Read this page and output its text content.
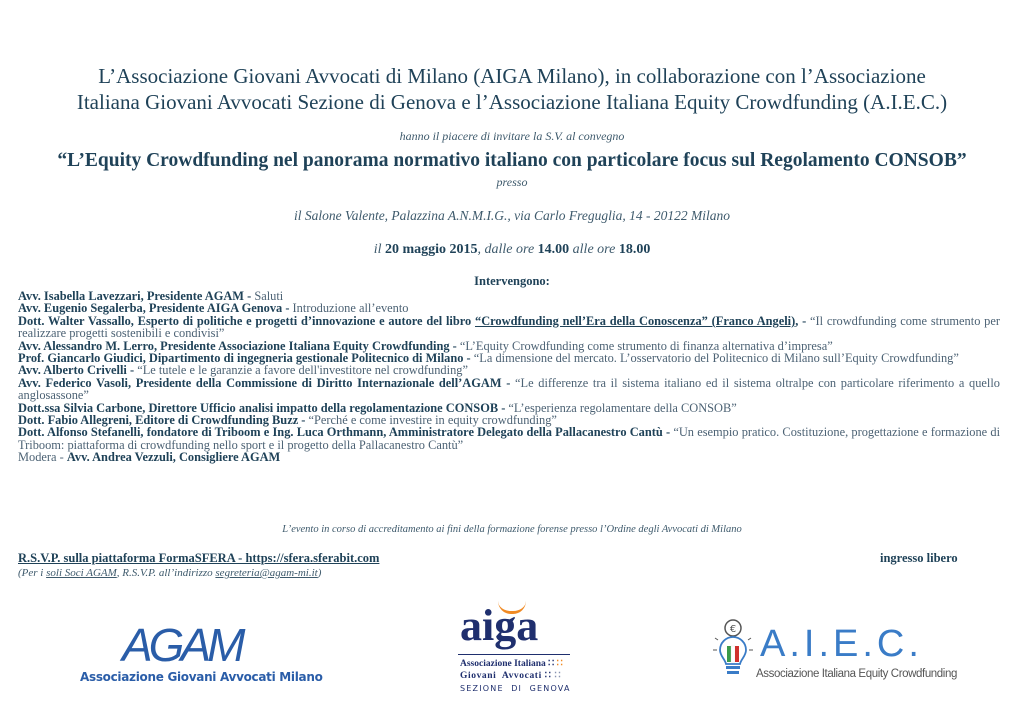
L’Associazione Giovani Avvocati di Milano (AIGA Milano), in collaborazione con l’Associazione
Italiana Giovani Avvocati Sezione di Genova e l’Associazione Italiana Equity Crowdfunding (A.I.E.C.)
hanno il piacere di invitare la S.V. al convegno
“L’Equity Crowdfunding nel panorama normativo italiano con particolare focus sul Regolamento CONSOB”
presso
il Salone Valente, Palazzina A.N.M.I.G., via Carlo Freguglia, 14 - 20122 Milano
il 20 maggio 2015, dalle ore 14.00 alle ore 18.00
Intervengono:

Avv. Isabella Lavezzari, Presidente AGAM - Saluti

Avv. Eugenio Segalerba, Presidente AIGA Genova - Introduzione all’evento

Dott. Walter Vassallo, Esperto di politiche e progetti d’innovazione e autore del libro “Crowdfunding nell’Era della Conoscenza” (Franco Angeli), - “Il crowdfunding come strumento per realizzare progetti sostenibili e condivisi”

Avv. Alessandro M. Lerro, Presidente Associazione Italiana Equity Crowdfunding - “L’Equity Crowdfunding come strumento di finanza alternativa d’impresa”

Prof. Giancarlo Giudici, Dipartimento di ingegneria gestionale Politecnico di Milano - “La dimensione del mercato. L’osservatorio del Politecnico di Milano sull’Equity Crowdfunding”

Avv. Alberto Crivelli - “Le tutele e le garanzie a favore dell'investitore nel crowdfunding”

Avv. Federico Vasoli, Presidente della Commissione di Diritto Internazionale dell’AGAM - “Le differenze tra il sistema italiano ed il sistema oltralpe con particolare riferimento a quello anglosassone”

Dott.ssa Silvia Carbone, Direttore Ufficio analisi impatto della regolamentazione CONSOB - “L’esperienza regolamentare della CONSOB”

Dott. Fabio Allegreni, Editore di Crowdfunding Buzz - “Perché e come investire in equity crowdfunding”

Dott. Alfonso Stefanelli, fondatore di Triboom e Ing. Luca Orthmann, Amministratore Delegato della Pallacanestro Cantù - “Un esempio pratico. Costituzione, progettazione e formazione di Triboom: piattaforma di crowdfunding nello sport e il progetto della Pallacanestro Cantù”

Modera - Avv. Andrea Vezzuli, Consigliere AGAM

L’evento in corso di accreditamento ai fini della formazione forense presso l’Ordine degli Avvocati di Milano
R.S.V.P. sulla piattaforma FormaSFERA - https://sfera.sferabit.com	ingresso libero
(Per i soli Soci AGAM, R.S.V.P. all’indirizzo segreteria@agam-mi.it)
AGAM
Associazione Giovani Avvocati Milano
aiga
Associazione Italiana ∷ ∷
Giovani  Avvocati ∷ ∷
SEZIONE  DI  GENOVA
€ A.I.E.C.
Associazione Italiana Equity Crowdfunding
